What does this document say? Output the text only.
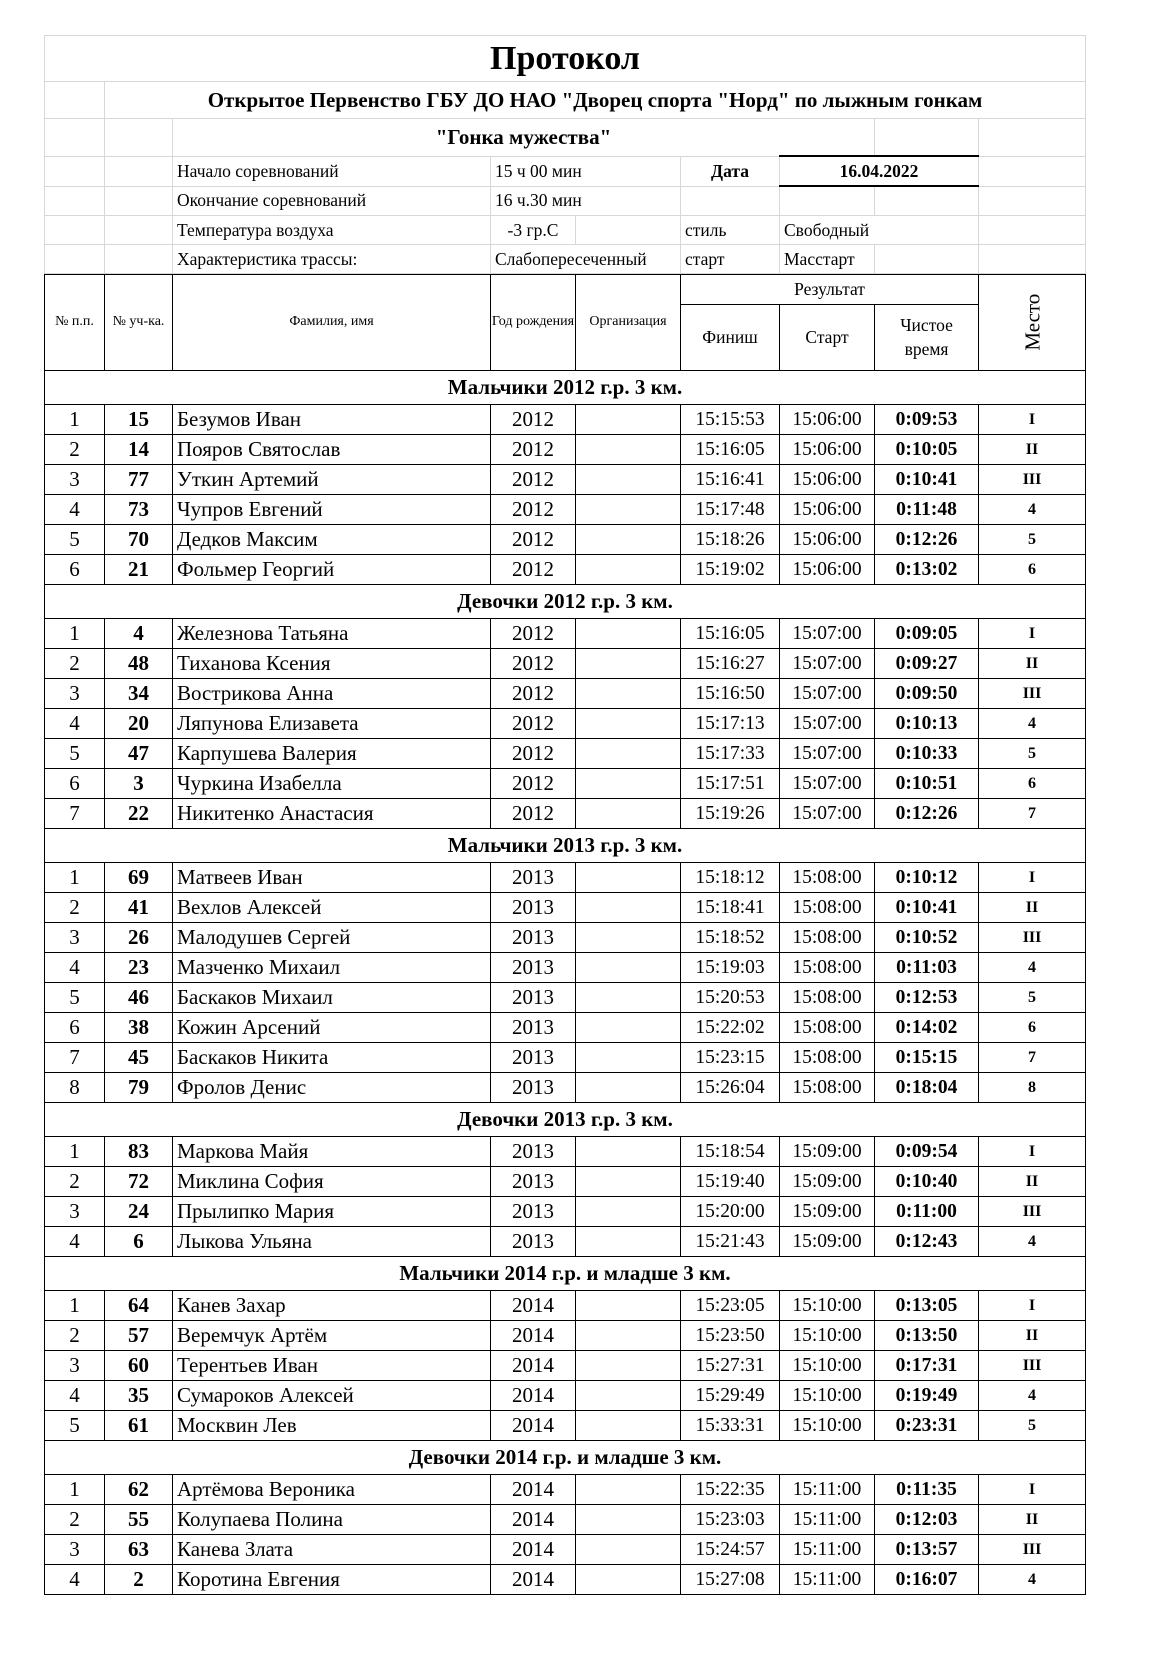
Протокол								
	Открытое Первенство ГБУ ДО НАО "Дворец спорта "Норд" по лыжным гонкам							
		"Гонка мужества"						
		Начало соревнований	15 ч 00 мин		Дата	16.04.2022		
		Окончание соревнований	16 ч.30 мин					
		Температура воздуха	-3 гр.С		стиль	Свободный		
		Характеристика трассы:	Слабопересеченный		старт	Масстарт		
№ п.п.	№ уч-ка.	Фамилия, имя	Год рождения	Организация	Результат			Место
					Финиш	Старт	Чистое время	
Мальчики 2012 г.р. 3 км.								
1	15	Безумов Иван	2012		15:15:53	15:06:00	0:09:53	I
2	14	Пояров Святослав	2012		15:16:05	15:06:00	0:10:05	II
3	77	Уткин Артемий	2012		15:16:41	15:06:00	0:10:41	III
4	73	Чупров Евгений	2012		15:17:48	15:06:00	0:11:48	4
5	70	Дедков Максим	2012		15:18:26	15:06:00	0:12:26	5
6	21	Фольмер Георгий	2012		15:19:02	15:06:00	0:13:02	6
Девочки 2012 г.р. 3 км.								
1	4	Железнова Татьяна	2012		15:16:05	15:07:00	0:09:05	I
2	48	Тиханова Ксения	2012		15:16:27	15:07:00	0:09:27	II
3	34	Вострикова Анна	2012		15:16:50	15:07:00	0:09:50	III
4	20	Ляпунова Елизавета	2012		15:17:13	15:07:00	0:10:13	4
5	47	Карпушева Валерия	2012		15:17:33	15:07:00	0:10:33	5
6	3	Чуркина Изабелла	2012		15:17:51	15:07:00	0:10:51	6
7	22	Никитенко Анастасия	2012		15:19:26	15:07:00	0:12:26	7
Мальчики 2013 г.р. 3 км.								
1	69	Матвеев Иван	2013		15:18:12	15:08:00	0:10:12	I
2	41	Вехлов Алексей	2013		15:18:41	15:08:00	0:10:41	II
3	26	Малодушев Сергей	2013		15:18:52	15:08:00	0:10:52	III
4	23	Мазченко Михаил	2013		15:19:03	15:08:00	0:11:03	4
5	46	Баскаков Михаил	2013		15:20:53	15:08:00	0:12:53	5
6	38	Кожин Арсений	2013		15:22:02	15:08:00	0:14:02	6
7	45	Баскаков Никита	2013		15:23:15	15:08:00	0:15:15	7
8	79	Фролов Денис	2013		15:26:04	15:08:00	0:18:04	8
Девочки 2013 г.р. 3 км.								
1	83	Маркова Майя	2013		15:18:54	15:09:00	0:09:54	I
2	72	Миклина София	2013		15:19:40	15:09:00	0:10:40	II
3	24	Прылипко Мария	2013		15:20:00	15:09:00	0:11:00	III
4	6	Лыкова Ульяна	2013		15:21:43	15:09:00	0:12:43	4
Мальчики 2014 г.р. и младше 3 км.								
1	64	Канев Захар	2014		15:23:05	15:10:00	0:13:05	I
2	57	Веремчук Артём	2014		15:23:50	15:10:00	0:13:50	II
3	60	Терентьев Иван	2014		15:27:31	15:10:00	0:17:31	III
4	35	Сумароков Алексей	2014		15:29:49	15:10:00	0:19:49	4
5	61	Москвин Лев	2014		15:33:31	15:10:00	0:23:31	5
Девочки 2014 г.р. и младше 3 км.								
1	62	Артёмова Вероника	2014		15:22:35	15:11:00	0:11:35	I
2	55	Колупаева Полина	2014		15:23:03	15:11:00	0:12:03	II
3	63	Канева Злата	2014		15:24:57	15:11:00	0:13:57	III
4	2	Коротина Евгения	2014		15:27:08	15:11:00	0:16:07	4
